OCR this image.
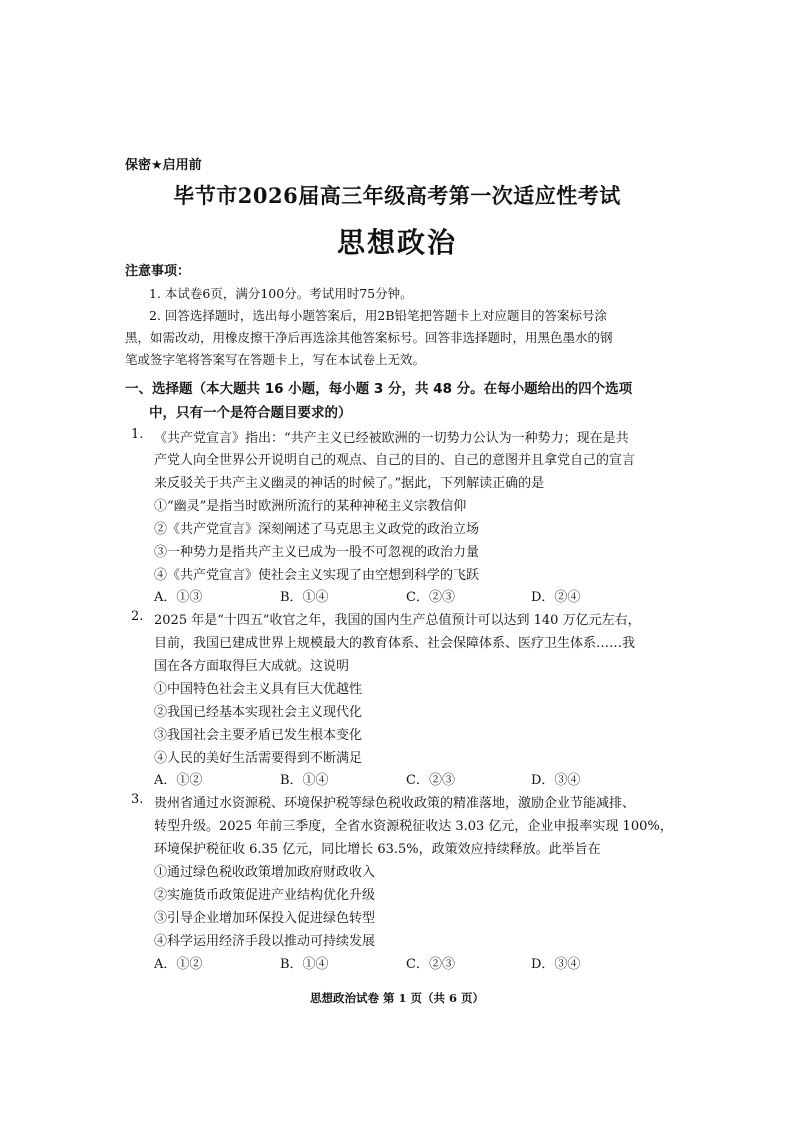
保密★启用前
毕节市2026届高三年级高考第一次适应性考试
思想政治
注意事项：
1. 本试卷6页，满分100分。考试用时75分钟。
2. 回答选择题时，选出每小题答案后，用2B铅笔把答题卡上对应题目的答案标号涂
黑，如需改动，用橡皮擦干净后再选涂其他答案标号。回答非选择题时，用黑色墨水的钢
笔或签字笔将答案写在答题卡上，写在本试卷上无效。
一、选择题（本大题共 16 小题，每小题 3 分，共 48 分。在每小题给出的四个选项
中，只有一个是符合题目要求的）
1. 《共产党宣言》指出：“共产主义已经被欧洲的一切势力公认为一种势力；现在是共
产党人向全世界公开说明自己的观点、自己的目的、自己的意图并且拿党自己的宣言
来反驳关于共产主义幽灵的神话的时候了。”据此，下列解读正确的是
①“幽灵”是指当时欧洲所流行的某种神秘主义宗教信仰
②《共产党宣言》深刻阐述了马克思主义政党的政治立场
③一种势力是指共产主义已成为一股不可忽视的政治力量
④《共产党宣言》使社会主义实现了由空想到科学的飞跃
A．①③	B．①④	C．②③	D．②④
2. 2025 年是“十四五”收官之年，我国的国内生产总值预计可以达到 140 万亿元左右，
目前，我国已建成世界上规模最大的教育体系、社会保障体系、医疗卫生体系……我
国在各方面取得巨大成就。这说明
①中国特色社会主义具有巨大优越性
②我国已经基本实现社会主义现代化
③我国社会主要矛盾已发生根本变化
④人民的美好生活需要得到不断满足
A．①②	B．①④	C．②③	D．③④
3. 贵州省通过水资源税、环境保护税等绿色税收政策的精准落地，激励企业节能减排、
转型升级。2025 年前三季度，全省水资源税征收达 3.03 亿元，企业申报率实现 100%，
环境保护税征收 6.35 亿元，同比增长 63.5%，政策效应持续释放。此举旨在
①通过绿色税收政策增加政府财政收入
②实施货币政策促进产业结构优化升级
③引导企业增加环保投入促进绿色转型
④科学运用经济手段以推动可持续发展
A．①②	B．①④	C．②③	D．③④
思想政治试卷 第 1 页（共 6 页）
